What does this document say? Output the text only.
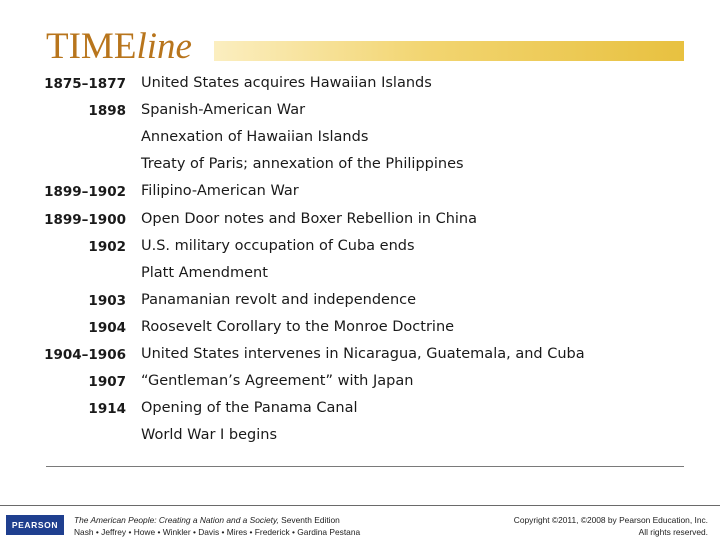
TIMEline
1875–1877 United States acquires Hawaiian Islands
1898 Spanish-American War
Annexation of Hawaiian Islands
Treaty of Paris; annexation of the Philippines
1899–1902 Filipino-American War
1899–1900 Open Door notes and Boxer Rebellion in China
1902 U.S. military occupation of Cuba ends
Platt Amendment
1903 Panamanian revolt and independence
1904 Roosevelt Corollary to the Monroe Doctrine
1904–1906 United States intervenes in Nicaragua, Guatemala, and Cuba
1907 “Gentleman’s Agreement” with Japan
1914 Opening of the Panama Canal
World War I begins
PEARSON The American People: Creating a Nation and a Society, Seventh Edition
Nash • Jeffrey • Howe • Winkler • Davis • Mires • Frederick • Gardina Pestana
Copyright ©2011, ©2008 by Pearson Education, Inc.
All rights reserved.
